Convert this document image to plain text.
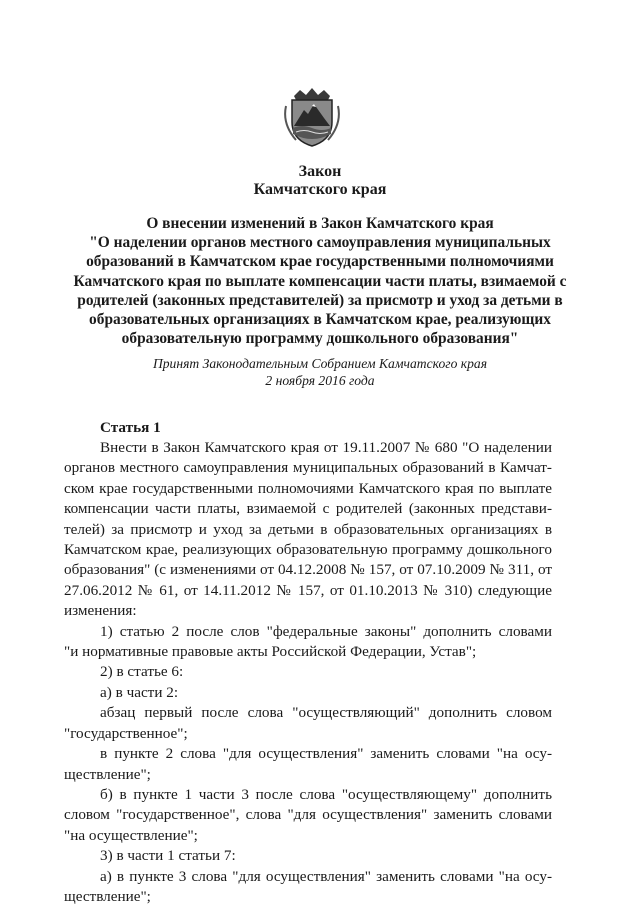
Закон
Камчатского края
О внесении изменений в Закон Камчатского края
"О наделении органов местного самоуправления муниципальных
образований в Камчатском крае государственными полномочиями
Камчатского края по выплате компенсации части платы, взимаемой с
родителей (законных представителей) за присмотр и уход за детьми в
образовательных организациях в Камчатском крае, реализующих
образовательную программу дошкольного образования"
Принят Законодательным Собранием Камчатского края
2 ноября 2016 года
Статья 1
Внести в Закон Камчатского края от 19.11.2007 № 680 "О наделении
органов местного самоуправления муниципальных образований в Камчат-
ском крае государственными полномочиями Камчатского края по выплате
компенсации части платы, взимаемой с родителей (законных представи-
телей) за присмотр и уход за детьми в образовательных организациях в
Камчатском крае, реализующих образовательную программу дошкольного
образования" (с изменениями от 04.12.2008 № 157, от 07.10.2009 № 311, от
27.06.2012 № 61, от 14.11.2012 № 157, от 01.10.2013 № 310) следующие
изменения:
1) статью 2 после слов "федеральные законы" дополнить словами
"и нормативные правовые акты Российской Федерации, Устав";
2) в статье 6:
а) в части 2:
абзац первый после слова "осуществляющий" дополнить словом
"государственное";
в пункте 2 слова "для осуществления" заменить словами "на осу-
ществление";
б) в пункте 1 части 3 после слова "осуществляющему" дополнить
словом "государственное", слова "для осуществления" заменить словами
"на осуществление";
3) в части 1 статьи 7:
а) в пункте 3 слова "для осуществления" заменить словами "на осу-
ществление";
